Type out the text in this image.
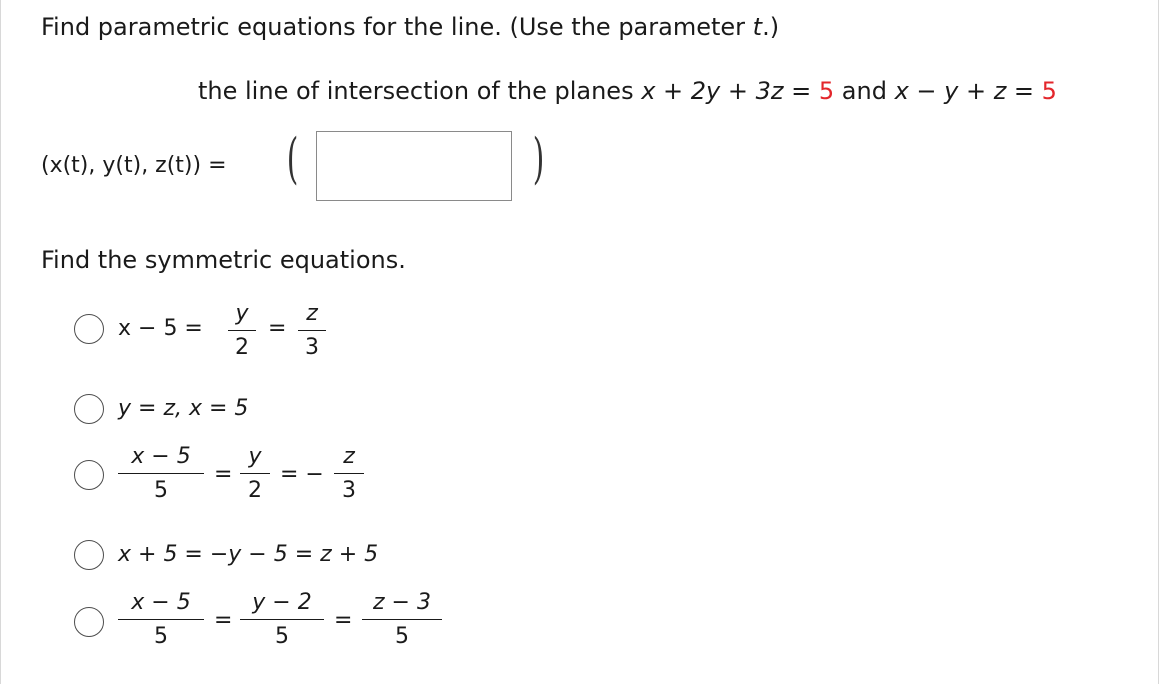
Find parametric equations for the line. (Use the parameter t.)
the line of intersection of the planes x + 2y + 3z = 5 and x − y + z = 5
(x(t), y(t), z(t)) = (	)
Find the symmetric equations.
x − 5 =
y
2
=
z
3
y = z, x = 5
x − 5
5
=
y
2
= −
z
3
x + 5 = −y − 5 = z + 5
x − 5
5
=
y − 2
5
=
z − 3
5
